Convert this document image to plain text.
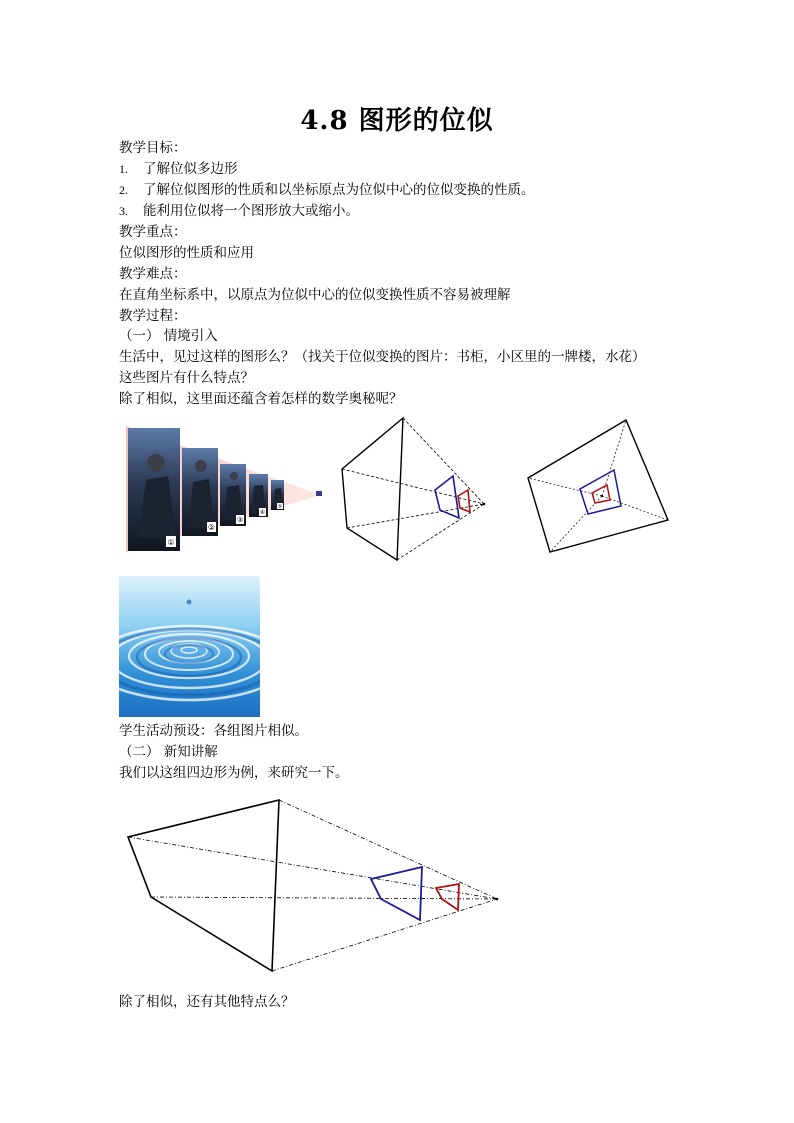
4.8 图形的位似
教学目标：
1. 了解位似多边形
2. 了解位似图形的性质和以坐标原点为位似中心的位似变换的性质。
3. 能利用位似将一个图形放大或缩小。
教学重点：
位似图形的性质和应用
教学难点：
在直角坐标系中，以原点为位似中心的位似变换性质不容易被理解
教学过程：
（一） 情境引入
生活中，见过这样的图形么？（找关于位似变换的图片：书柜，小区里的一牌楼，水花）
这些图片有什么特点？
除了相似，这里面还蕴含着怎样的数学奥秘呢？
①
②
③
④
⑤
学生活动预设：各组图片相似。
（二） 新知讲解
我们以这组四边形为例，来研究一下。
除了相似，还有其他特点么？
